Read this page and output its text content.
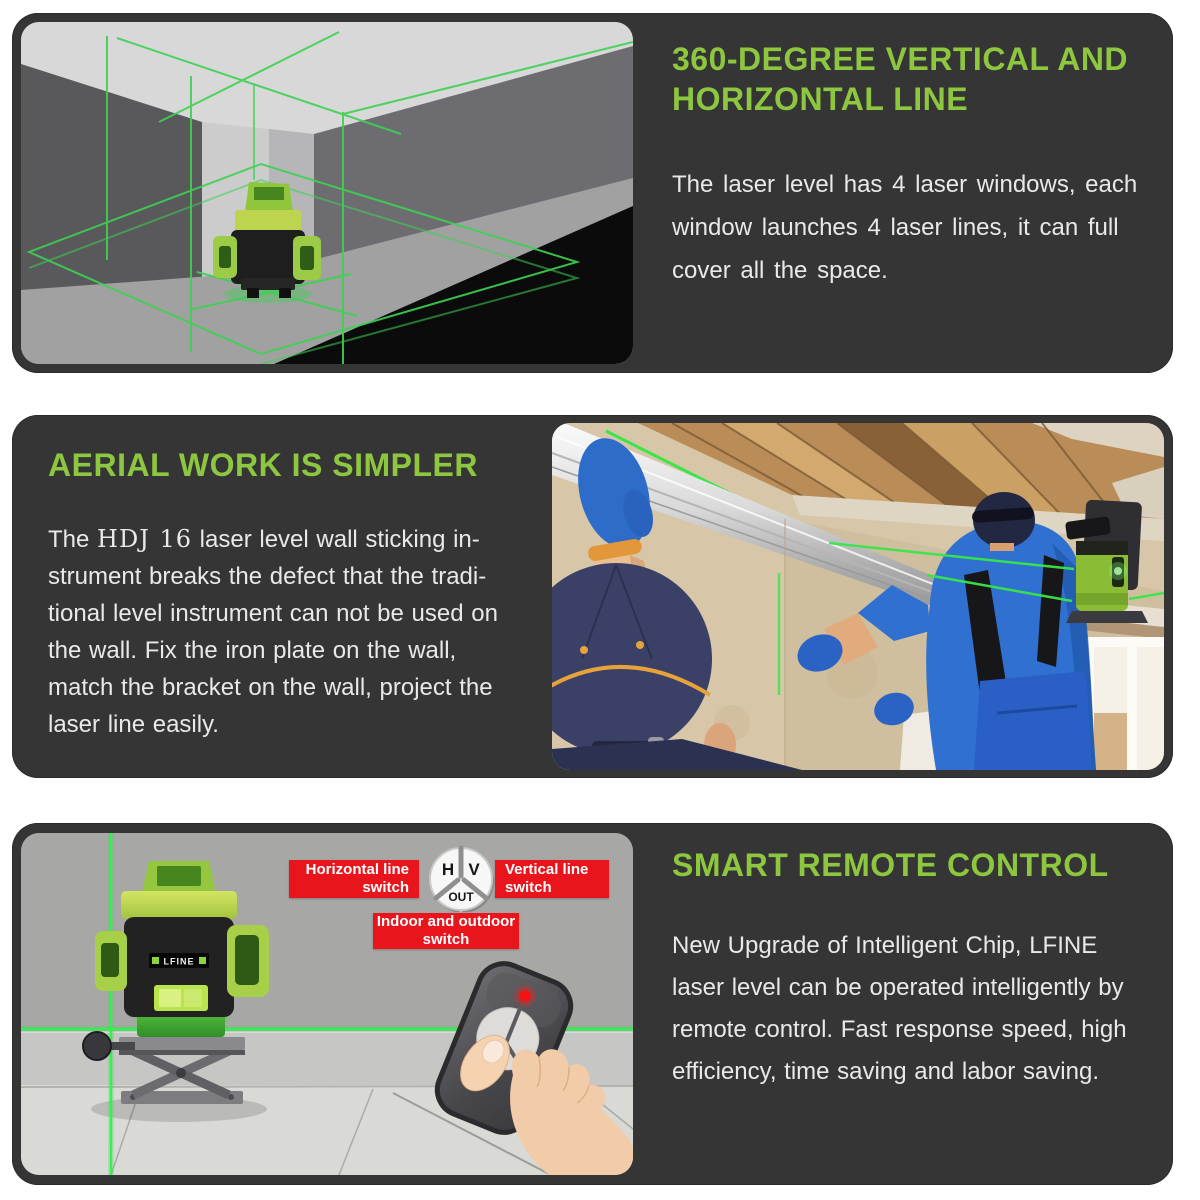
360-DEGREE VERTICAL AND
HORIZONTAL LINE

The laser level has 4 laser windows, each
window launches 4 laser lines, it can full
cover all the space.

AERIAL WORK IS SIMPLER

The HDJ 16 laser level wall sticking in-
strument breaks the defect that the tradi-
tional level instrument can not be used on
the wall. Fix the iron plate on the wall,
match the bracket on the wall, project the
laser line easily.

LFINE
Horizontal line
switch
Vertical line
switch
Indoor and outdoor
switch
H V
OUT
SMART REMOTE CONTROL

New Upgrade of Intelligent Chip, LFINE
laser level can be operated intelligently by
remote control. Fast response speed, high
efficiency, time saving and labor saving.
